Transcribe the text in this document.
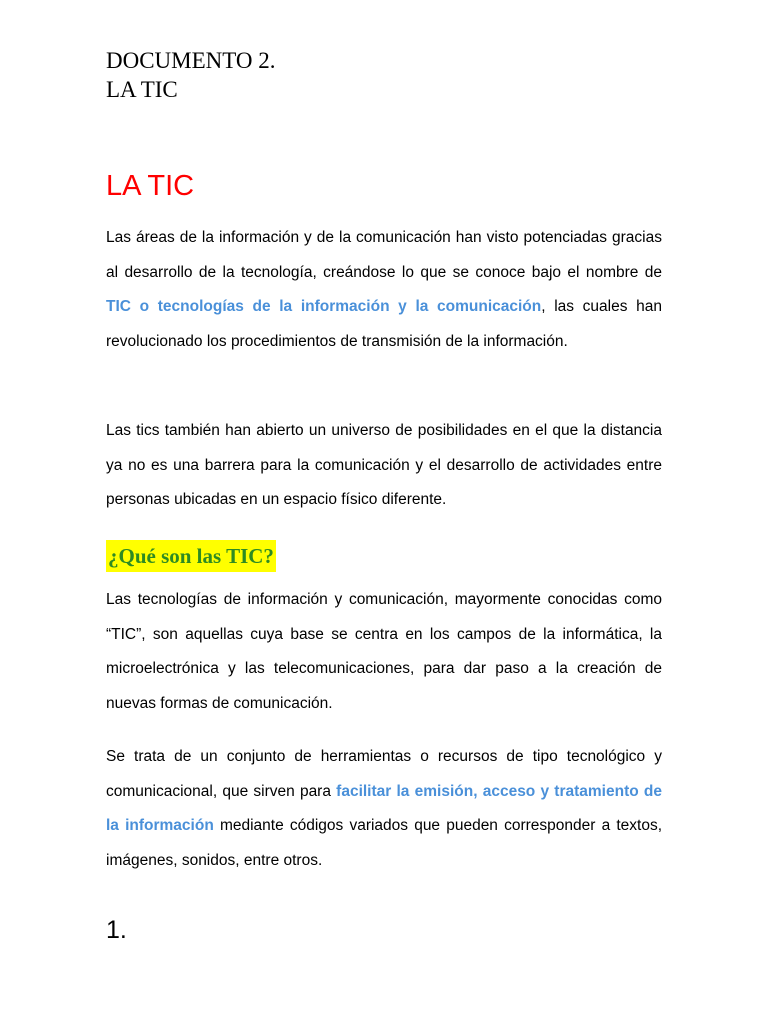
DOCUMENTO 2.
LA TIC
LA TIC

Las áreas de la información y de la comunicación han visto potenciadas gracias al desarrollo de la tecnología, creándose lo que se conoce bajo el nombre de TIC o tecnologías de la información y la comunicación, las cuales han revolucionado los procedimientos de transmisión de la información.

Las tics también han abierto un universo de posibilidades en el que la distancia ya no es una barrera para la comunicación y el desarrollo de actividades entre personas ubicadas en un espacio físico diferente.

¿Qué son las TIC?

Las tecnologías de información y comunicación, mayormente conocidas como “TIC”, son aquellas cuya base se centra en los campos de la informática, la microelectrónica y las telecomunicaciones, para dar paso a la creación de nuevas formas de comunicación.

Se trata de un conjunto de herramientas o recursos de tipo tecnológico y comunicacional, que sirven para facilitar la emisión, acceso y tratamiento de la información mediante códigos variados que pueden corresponder a textos, imágenes, sonidos, entre otros.

1.
